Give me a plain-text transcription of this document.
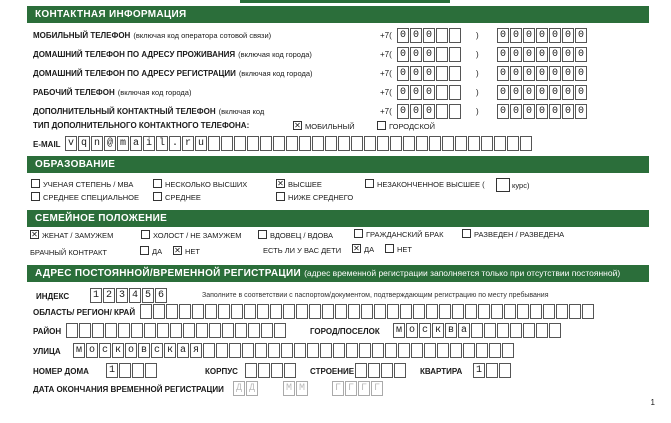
КОНТАКТНАЯ ИНФОРМАЦИЯ
МОБИЛЬНЫЙ ТЕЛЕФОН (включая код оператора сотовой связи)	+7( 0 0 0	) 0 0 0 0 0 0 0
ДОМАШНИЙ ТЕЛЕФОН ПО АДРЕСУ ПРОЖИВАНИЯ (включая код города)	+7( 0 0 0	) 0 0 0 0 0 0 0
ДОМАШНИЙ ТЕЛЕФОН ПО АДРЕСУ РЕГИСТРАЦИИ (включая код города)	+7( 0 0 0	) 0 0 0 0 0 0 0
РАБОЧИЙ ТЕЛЕФОН (включая код города)	+7( 0 0 0	) 0 0 0 0 0 0 0
ДОПОЛНИТЕЛЬНЫЙ КОНТАКТНЫЙ ТЕЛЕФОН (включая код	+7( 0 0 0	) 0 0 0 0 0 0 0
ТИП ДОПОЛНИТЕЛЬНОГО КОНТАКТНОГО ТЕЛЕФОНА:	✕ МОБИЛЬНЫЙ	ГОРОДСКОЙ
E-MAIL v q n @ m a i l . r u
ОБРАЗОВАНИЕ
УЧЕНАЯ СТЕПЕНЬ / МВА	НЕСКОЛЬКО ВЫСШИХ	✕ ВЫСШЕЕ	НЕЗАКОНЧЕННОЕ ВЫСШЕЕ (
СРЕДНЕЕ СПЕЦИАЛЬНОЕ	СРЕДНЕЕ	НИЖЕ СРЕДНЕГО
курс)
СЕМЕЙНОЕ ПОЛОЖЕНИЕ
✕ ЖЕНАТ / ЗАМУЖЕМ	ХОЛОСТ / НЕ ЗАМУЖЕМ	ВДОВЕЦ / ВДОВА	ГРАЖДАНСКИЙ БРАК	РАЗВЕДЕН / РАЗВЕДЕНА
БРАЧНЫЙ КОНТРАКТ	ЕСТЬ ЛИ У ВАС ДЕТИ
ДА ✕ НЕТ	✕ ДА	НЕТ
АДРЕС ПОСТОЯННОЙ/ВРЕМЕННОЙ РЕГИСТРАЦИИ (адрес временной регистрации заполняется только при отсутствии постоянной)
ИНДЕКС 1 2 3 4 5 6	Заполните в соответствии с паспортом/документом, подтверждающим регистрацию по месту пребывания
ОБЛАСТЬ/ РЕГИОН/ КРАЙ
РАЙОН	ГОРОД/ПОСЕЛОК м о с к в а
УЛИЦА м о с к о в с к а я
НОМЕР ДОМА 1	КОРПУС	СТРОЕНИЕ	КВАРТИРА 1
ДАТА ОКОНЧАНИЯ ВРЕМЕННОЙ РЕГИСТРАЦИИ Д Д	М М	Г Г Г Г
1
